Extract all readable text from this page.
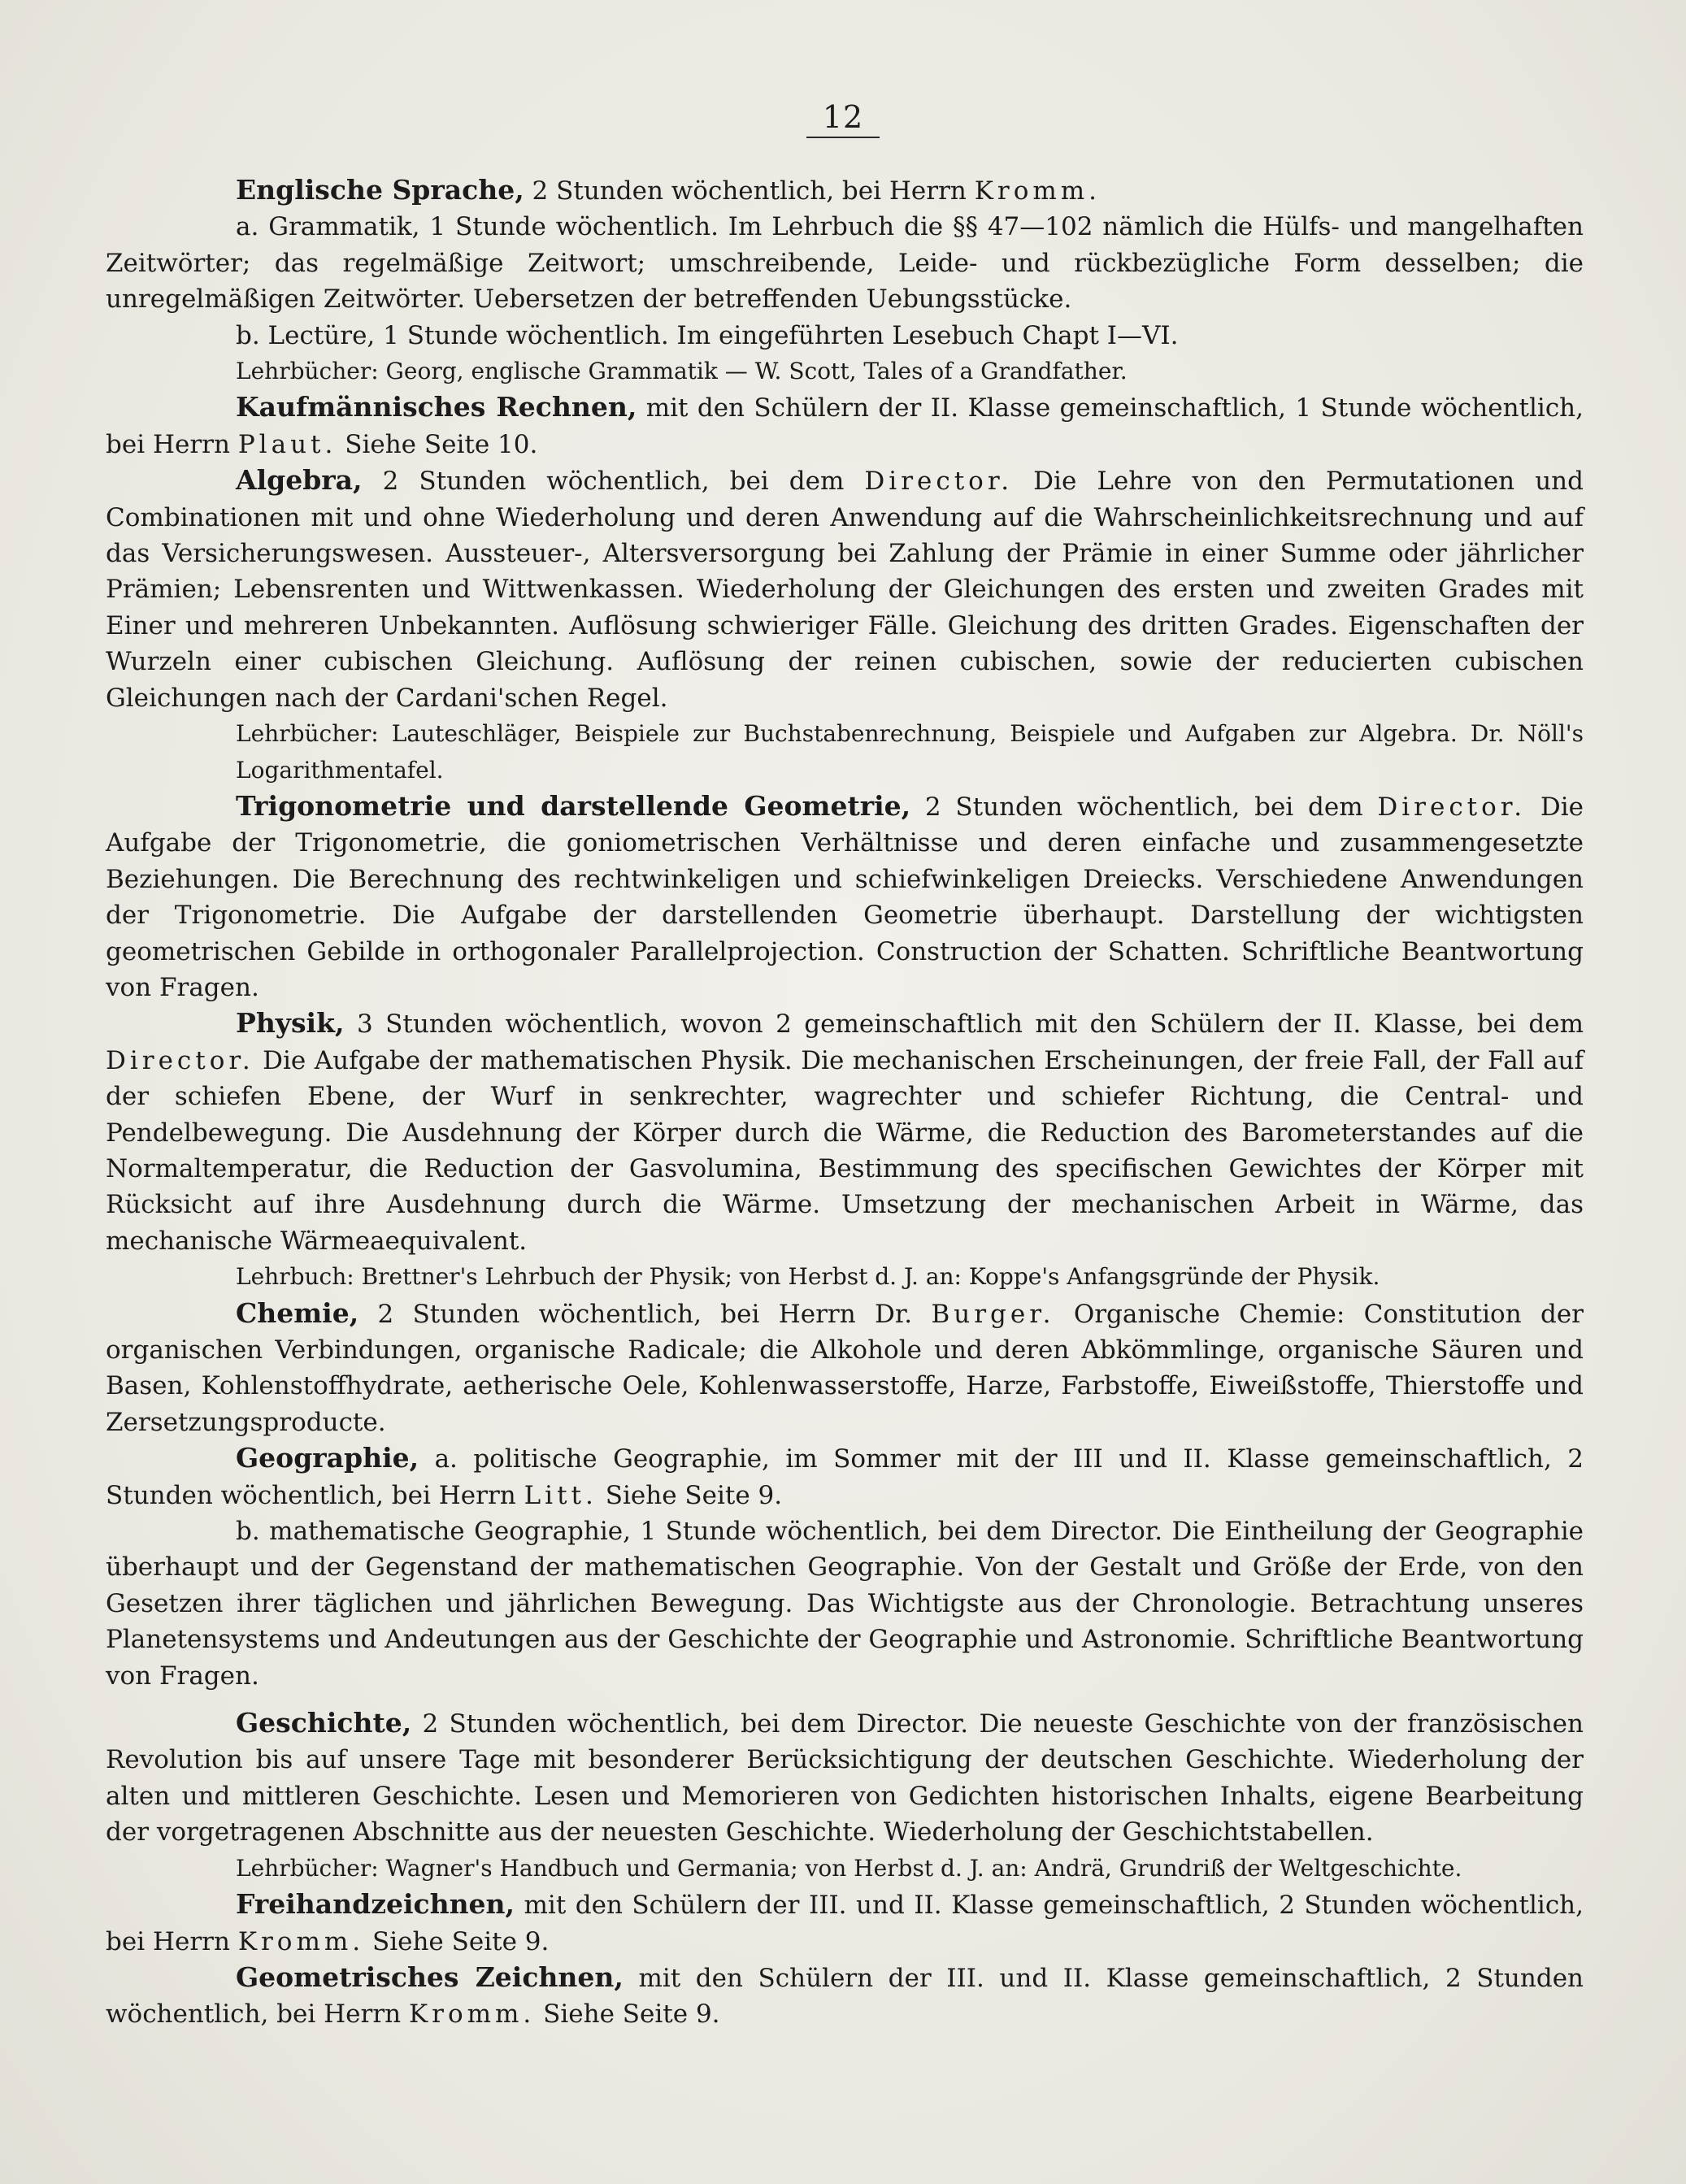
12

Englische Sprache, 2 Stunden wöchentlich, bei Herrn Kromm.

a. Grammatik, 1 Stunde wöchentlich. Im Lehrbuch die §§ 47—102 nämlich die Hülfs- und mangelhaften Zeitwörter; das regelmäßige Zeitwort; umschreibende, Leide- und rückbezügliche Form desselben; die unregelmäßigen Zeitwörter. Uebersetzen der betreffenden Uebungsstücke.

b. Lectüre, 1 Stunde wöchentlich. Im eingeführten Lesebuch Chapt I—VI.

Lehrbücher: Georg, englische Grammatik — W. Scott, Tales of a Grandfather.

Kaufmännisches Rechnen, mit den Schülern der II. Klasse gemeinschaftlich, 1 Stunde wöchentlich, bei Herrn Plaut. Siehe Seite 10.

Algebra, 2 Stunden wöchentlich, bei dem Director. Die Lehre von den Permutationen und Combinationen mit und ohne Wiederholung und deren Anwendung auf die Wahrscheinlichkeitsrechnung und auf das Versicherungswesen. Aussteuer-, Altersversorgung bei Zahlung der Prämie in einer Summe oder jährlicher Prämien; Lebensrenten und Wittwenkassen. Wiederholung der Gleichungen des ersten und zweiten Grades mit Einer und mehreren Unbekannten. Auflösung schwieriger Fälle. Gleichung des dritten Grades. Eigenschaften der Wurzeln einer cubischen Gleichung. Auflösung der reinen cubischen, sowie der reducierten cubischen Gleichungen nach der Cardani'schen Regel.

Lehrbücher: Lauteschläger, Beispiele zur Buchstabenrechnung, Beispiele und Aufgaben zur Algebra. Dr. Nöll's Logarithmentafel.

Trigonometrie und darstellende Geometrie, 2 Stunden wöchentlich, bei dem Director. Die Aufgabe der Trigonometrie, die goniometrischen Verhältnisse und deren einfache und zusammengesetzte Beziehungen. Die Berechnung des rechtwinkeligen und schiefwinkeligen Dreiecks. Verschiedene Anwendungen der Trigonometrie. Die Aufgabe der darstellenden Geometrie überhaupt. Darstellung der wichtigsten geometrischen Gebilde in orthogonaler Parallelprojection. Construction der Schatten. Schriftliche Beantwortung von Fragen.

Physik, 3 Stunden wöchentlich, wovon 2 gemeinschaftlich mit den Schülern der II. Klasse, bei dem Director. Die Aufgabe der mathematischen Physik. Die mechanischen Erscheinungen, der freie Fall, der Fall auf der schiefen Ebene, der Wurf in senkrechter, wagrechter und schiefer Richtung, die Central- und Pendelbewegung. Die Ausdehnung der Körper durch die Wärme, die Reduction des Barometerstandes auf die Normaltemperatur, die Reduction der Gasvolumina, Bestimmung des specifischen Gewichtes der Körper mit Rücksicht auf ihre Ausdehnung durch die Wärme. Umsetzung der mechanischen Arbeit in Wärme, das mechanische Wärmeaequivalent.

Lehrbuch: Brettner's Lehrbuch der Physik; von Herbst d. J. an: Koppe's Anfangsgründe der Physik.

Chemie, 2 Stunden wöchentlich, bei Herrn Dr. Burger. Organische Chemie: Constitution der organischen Verbindungen, organische Radicale; die Alkohole und deren Abkömmlinge, organische Säuren und Basen, Kohlenstoffhydrate, aetherische Oele, Kohlenwasserstoffe, Harze, Farbstoffe, Eiweißstoffe, Thierstoffe und Zersetzungsproducte.

Geographie, a. politische Geographie, im Sommer mit der III und II. Klasse gemeinschaftlich, 2 Stunden wöchentlich, bei Herrn Litt. Siehe Seite 9.

b. mathematische Geographie, 1 Stunde wöchentlich, bei dem Director. Die Eintheilung der Geographie überhaupt und der Gegenstand der mathematischen Geographie. Von der Gestalt und Größe der Erde, von den Gesetzen ihrer täglichen und jährlichen Bewegung. Das Wichtigste aus der Chronologie. Betrachtung unseres Planetensystems und Andeutungen aus der Geschichte der Geographie und Astronomie. Schriftliche Beantwortung von Fragen.

Geschichte, 2 Stunden wöchentlich, bei dem Director. Die neueste Geschichte von der französischen Revolution bis auf unsere Tage mit besonderer Berücksichtigung der deutschen Geschichte. Wiederholung der alten und mittleren Geschichte. Lesen und Memorieren von Gedichten historischen Inhalts, eigene Bearbeitung der vorgetragenen Abschnitte aus der neuesten Geschichte. Wiederholung der Geschichtstabellen.

Lehrbücher: Wagner's Handbuch und Germania; von Herbst d. J. an: Andrä, Grundriß der Weltgeschichte.

Freihandzeichnen, mit den Schülern der III. und II. Klasse gemeinschaftlich, 2 Stunden wöchentlich, bei Herrn Kromm. Siehe Seite 9.

Geometrisches Zeichnen, mit den Schülern der III. und II. Klasse gemeinschaftlich, 2 Stunden wöchentlich, bei Herrn Kromm. Siehe Seite 9.
